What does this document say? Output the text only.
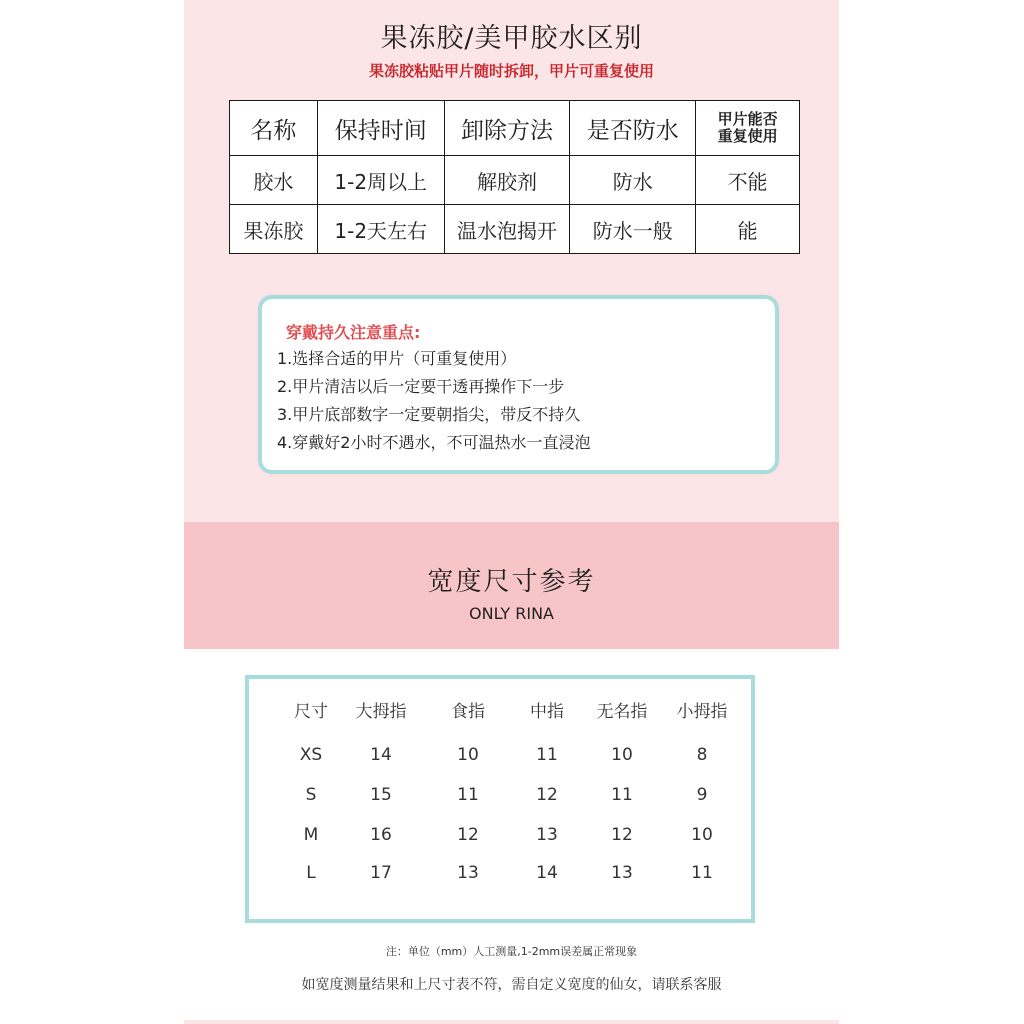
果冻胶/美甲胶水区别
果冻胶粘贴甲片随时拆卸，甲片可重复使用
名称	保持时间	卸除方法	是否防水	甲片能否
重复使用

胶水	1-2周以上	解胶剂	防水	不能
果冻胶	1-2天左右	温水泡揭开	防水一般	能
穿戴持久注意重点:
1.选择合适的甲片（可重复使用）
2.甲片清洁以后一定要干透再操作下一步
3.甲片底部数字一定要朝指尖，带反不持久
4.穿戴好2小时不遇水，不可温热水一直浸泡
宽度尺寸参考
ONLY RINA
尺寸 大拇指	食指	中指 无名指 小拇指
XS	14	10	11	10	8
S	15	11	12	11	9
M	16	12	13	12	10
L	17	13	14	13	11
注：单位（mm）人工测量,1-2mm误差属正常现象
如宽度测量结果和上尺寸表不符，需自定义宽度的仙女，请联系客服
